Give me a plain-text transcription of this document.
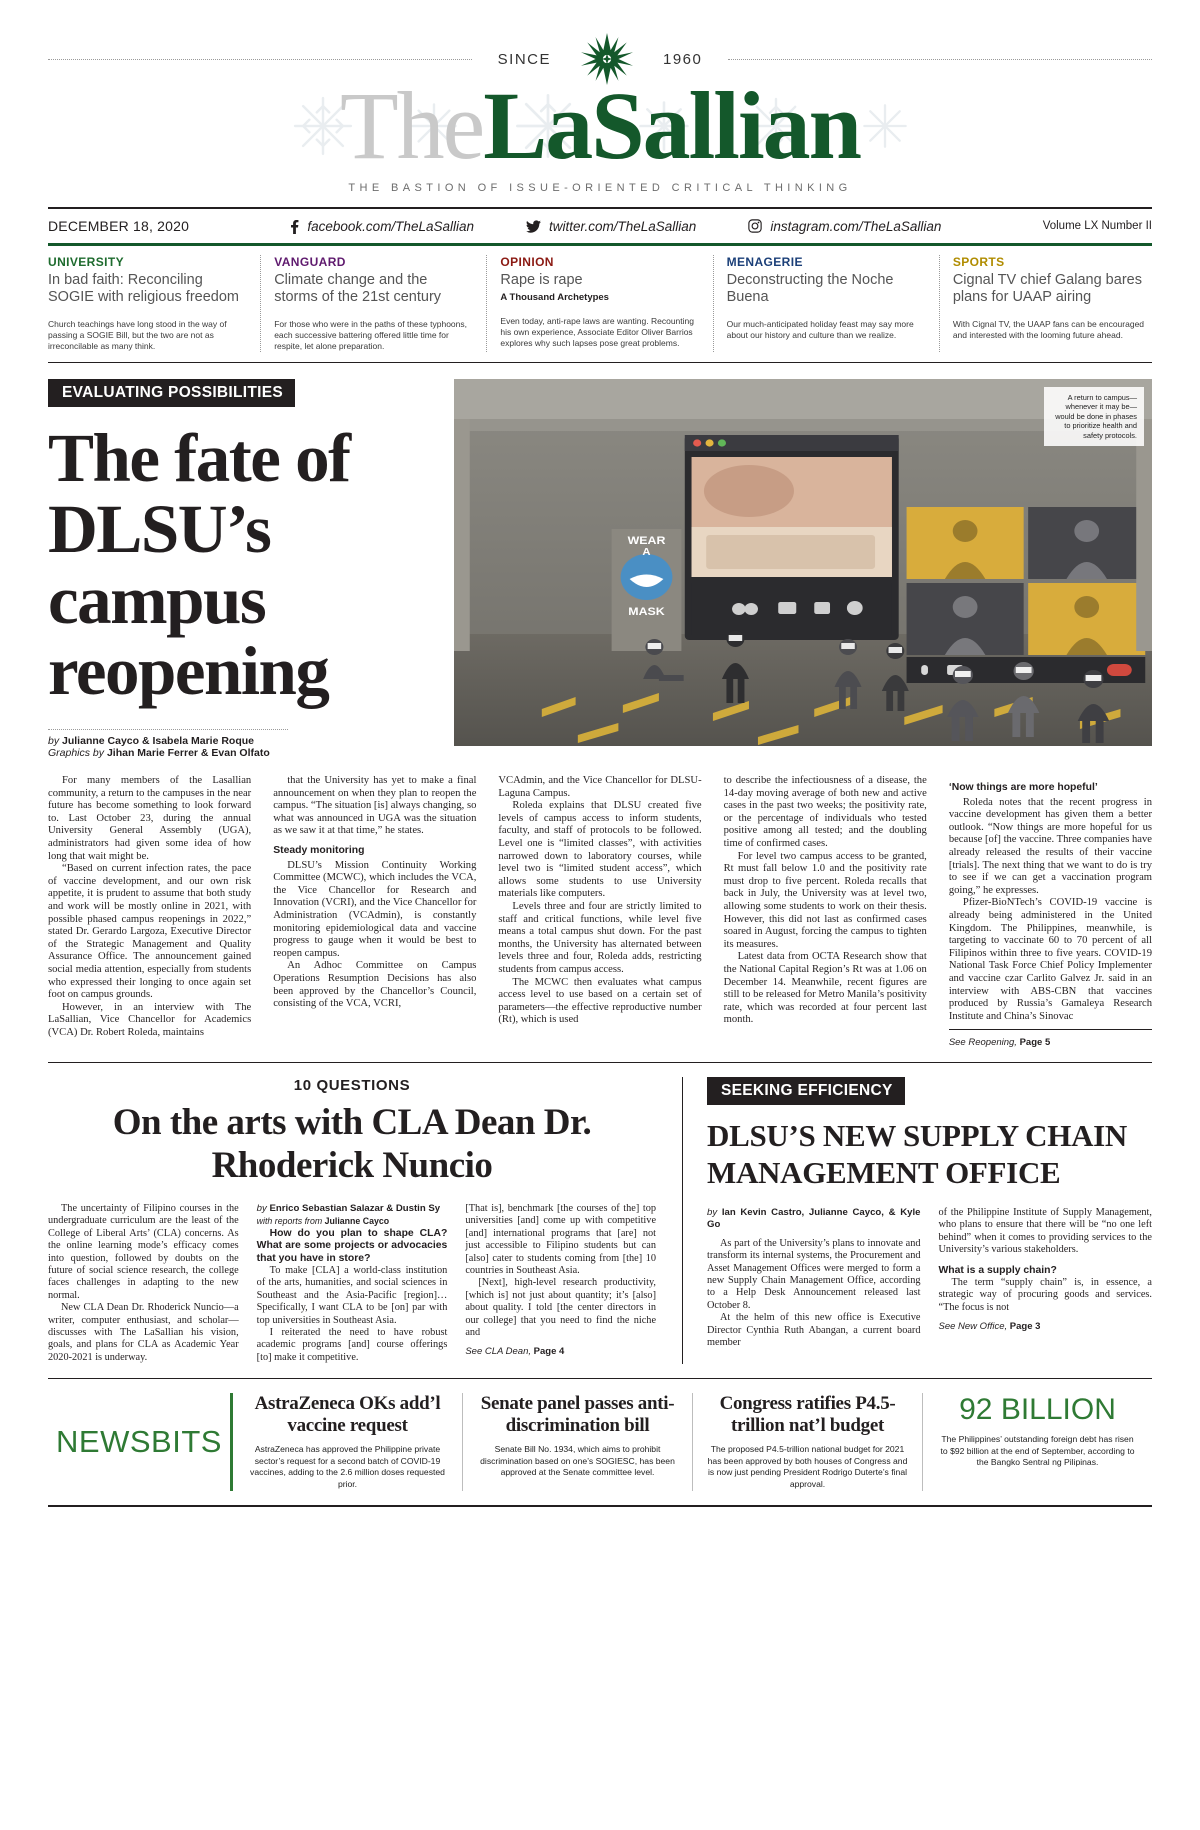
SINCE	1960
TheLaSallian
THE BASTION OF ISSUE-ORIENTED CRITICAL THINKING
DECEMBER 18, 2020	facebook.com/TheLaSallian	twitter.com/TheLaSallian	instagram.com/TheLaSallian	Volume LX Number II
UNIVERSITY
In bad faith: Reconciling SOGIE with religious freedom
Church teachings have long stood in the way of passing a SOGIE Bill, but the two are not as irreconcilable as many think.
VANGUARD
Climate change and the storms of the 21st century
For those who were in the paths of these typhoons, each successive battering offered little time for respite, let alone preparation.
OPINION
Rape is rape
A Thousand Archetypes
Even today, anti-rape laws are wanting. Recounting his own experience, Associate Editor Oliver Barrios explores why such lapses pose great problems.
MENAGERIE
Deconstructing the Noche Buena
Our much-anticipated holiday feast may say more about our history and culture than we realize.
SPORTS
Cignal TV chief Galang bares plans for UAAP airing
With Cignal TV, the UAAP fans can be encouraged and interested with the looming future ahead.
EVALUATING POSSIBILITIES
The fate of DLSU’s campus reopening
by Julianne Cayco & Isabela Marie Roque
Graphics by Jihan Marie Ferrer & Evan Olfato
WEAR
A
MASK
A return to campus—whenever it may be—would be done in phases to prioritize health and safety protocols.

For many members of the Lasallian community, a return to the campuses in the near future has become something to look forward to. Last October 23, during the annual University General Assembly (UGA), administrators had given some idea of how long that wait might be.

“Based on current infection rates, the pace of vaccine development, and our own risk appetite, it is prudent to assume that both study and work will be mostly online in 2021, with possible phased campus reopenings in 2022,” stated Dr. Gerardo Largoza, Executive Director of the Strategic Management and Quality Assurance Office. The announcement gained social media attention, especially from students who expressed their longing to once again set foot on campus grounds.

However, in an interview with The LaSallian, Vice Chancellor for Academics (VCA) Dr. Robert Roleda, maintains

that the University has yet to make a final announcement on when they plan to reopen the campus. “The situation [is] always changing, so what was announced in UGA was the situation as we saw it at that time,” he states.

Steady monitoring

DLSU’s Mission Continuity Working Committee (MCWC), which includes the VCA, the Vice Chancellor for Research and Innovation (VCRI), and the Vice Chancellor for Administration (VCAdmin), is constantly monitoring epidemiological data and vaccine progress to gauge when it would be best to reopen campus.

An Adhoc Committee on Campus Operations Resumption Decisions has also been approved by the Chancellor’s Council, consisting of the VCA, VCRI,

VCAdmin, and the Vice Chancellor for DLSU-Laguna Campus.

Roleda explains that DLSU created five levels of campus access to inform students, faculty, and staff of protocols to be followed. Level one is “limited classes”, with activities narrowed down to laboratory courses, while level two is “limited student access”, which allows some students to use University materials like computers.

Levels three and four are strictly limited to staff and critical functions, while level five means a total campus shut down. For the past months, the University has alternated between levels three and four, Roleda adds, restricting students from campus access.

The MCWC then evaluates what campus access level to use based on a certain set of parameters—the effective reproductive number (Rt), which is used

to describe the infectiousness of a disease, the 14-day moving average of both new and active cases in the past two weeks; the positivity rate, or the percentage of individuals who tested positive among all tested; and the doubling time of confirmed cases.

For level two campus access to be granted, Rt must fall below 1.0 and the positivity rate must drop to five percent. Roleda recalls that back in July, the University was at level two, allowing some students to work on their thesis. However, this did not last as confirmed cases soared in August, forcing the campus to tighten its measures.

Latest data from OCTA Research show that the National Capital Region’s Rt was at 1.06 on December 14. Meanwhile, recent figures are still to be released for Metro Manila’s positivity rate, which was recorded at four percent last month.

‘Now things are more hopeful’

Roleda notes that the recent progress in vaccine development has given them a better outlook. “Now things are more hopeful for us because [of] the vaccine. Three companies have already released the results of their vaccine [trials]. The next thing that we want to do is try to see if we can get a vaccination program going,” he expresses.

Pfizer-BioNTech’s COVID-19 vaccine is already being administered in the United Kingdom. The Philippines, meanwhile, is targeting to vaccinate 60 to 70 percent of all Filipinos within three to five years. COVID-19 National Task Force Chief Policy Implementer and vaccine czar Carlito Galvez Jr. said in an interview with ABS-CBN that vaccines produced by Russia’s Gamaleya Research Institute and China’s Sinovac

See Reopening, Page 5
10 QUESTIONS
On the arts with CLA Dean Dr. Rhoderick Nuncio

The uncertainty of Filipino courses in the undergraduate curriculum are the least of the College of Liberal Arts’ (CLA) concerns. As the online learning mode’s efficacy comes into question, followed by doubts on the future of social science research, the college faces challenges in adapting to the new normal.

New CLA Dean Dr. Rhoderick Nuncio—a writer, computer enthusiast, and scholar—discusses with The LaSallian his vision, goals, and plans for CLA as Academic Year 2020-2021 is underway.

by Enrico Sebastian Salazar & Dustin Sy

with reports from Julianne Cayco

How do you plan to shape CLA? What are some projects or advocacies that you have in store?

To make [CLA] a world-class institution of the arts, humanities, and social sciences in Southeast and the Asia-Pacific [region]…Specifically, I want CLA to be [on] par with top universities in Southeast Asia.

I reiterated the need to have robust academic programs [and] course offerings [to] make it competitive.

[That is], benchmark [the courses of the] top universities [and] come up with competitive [and] international programs that [are] not just accessible to Filipino students but can [also] cater to students coming from [the] 10 countries in Southeast Asia.

[Next], high-level research productivity, [which is] not just about quantity; it’s [also] about quality. I told [the center directors in our college] that you need to find the niche and

See CLA Dean, Page 4
SEEKING EFFICIENCY
DLSU’S NEW SUPPLY CHAIN MANAGEMENT OFFICE

by Ian Kevin Castro, Julianne Cayco, & Kyle Go

As part of the University’s plans to innovate and transform its internal systems, the Procurement and Asset Management Offices were merged to form a new Supply Chain Management Office, according to a Help Desk Announcement released last October 8.

At the helm of this new office is Executive Director Cynthia Ruth Abangan, a current board member

of the Philippine Institute of Supply Management, who plans to ensure that there will be “no one left behind” when it comes to providing services to the University’s various stakeholders.

What is a supply chain?

The term “supply chain” is, in essence, a strategic way of procuring goods and services. “The focus is not

See New Office, Page 3
NEWSBITS
AstraZeneca OKs add’l vaccine request
AstraZeneca has approved the Philippine private sector’s request for a second batch of COVID-19 vaccines, adding to the 2.6 million doses requested prior.
Senate panel passes anti-discrimination bill
Senate Bill No. 1934, which aims to prohibit discrimination based on one’s SOGIESC, has been approved at the Senate committee level.
Congress ratifies P4.5-trillion nat’l budget
The proposed P4.5-trillion national budget for 2021 has been approved by both houses of Congress and is now just pending President Rodrigo Duterte’s final approval.
92 BILLION
The Philippines’ outstanding foreign debt has risen to $92 billion at the end of September, according to the Bangko Sentral ng Pilipinas.
